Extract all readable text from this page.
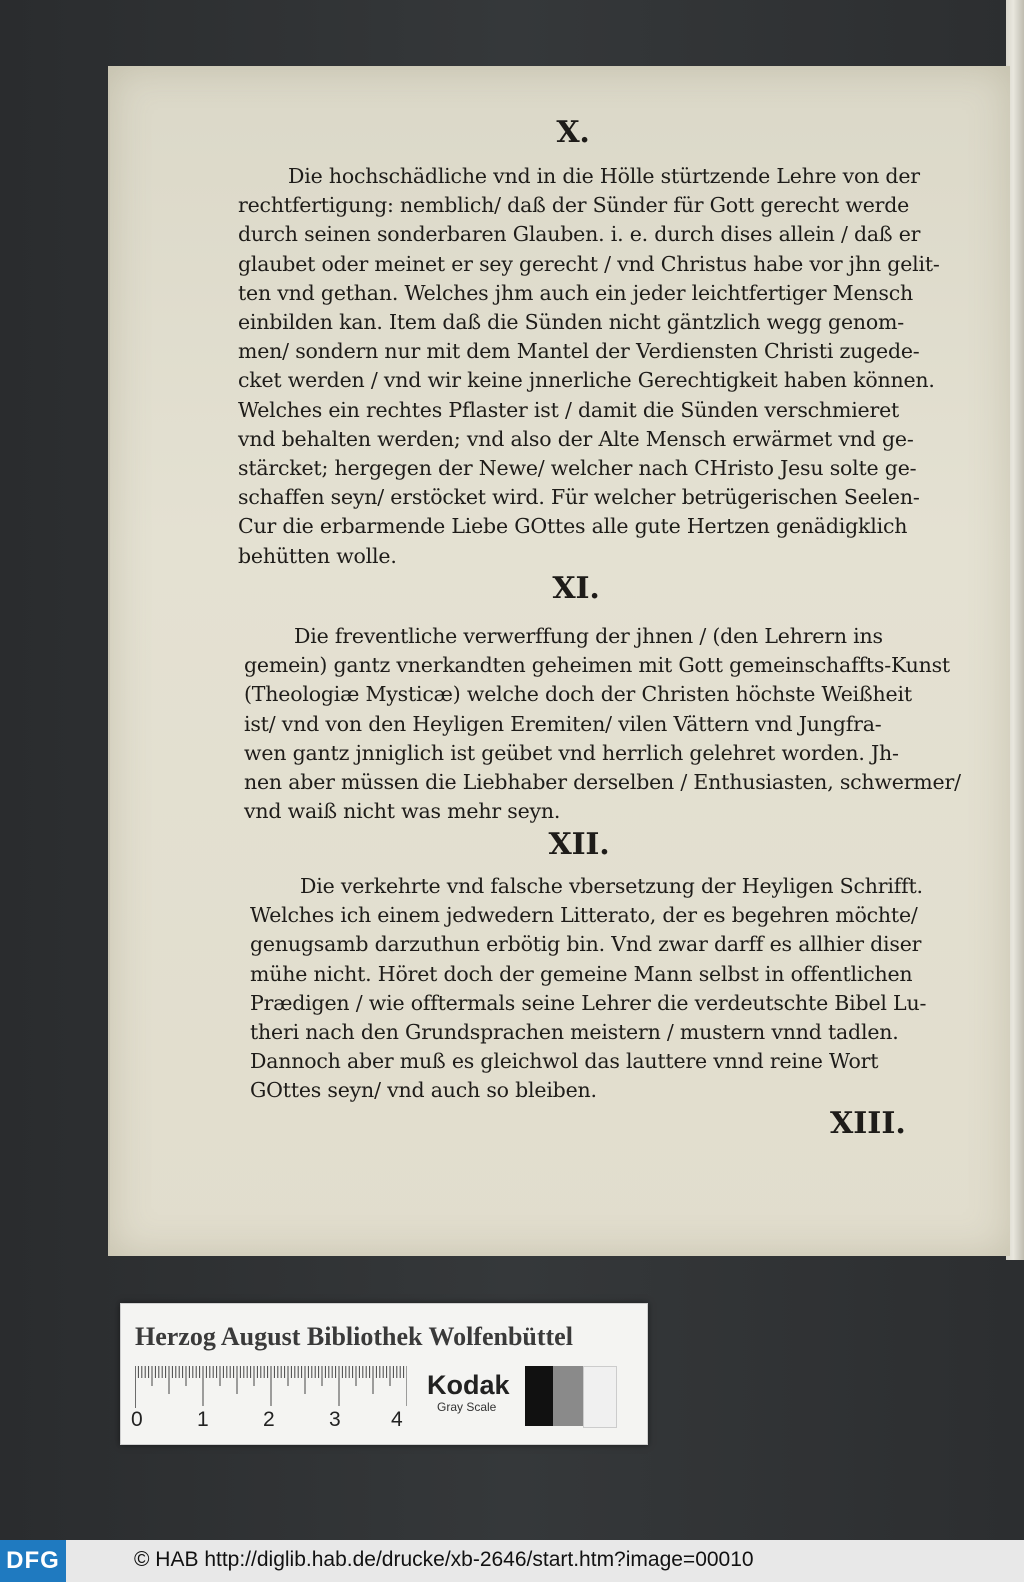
X.
Die hochschädliche vnd in die Hölle stürtzende Lehre von der
rechtfertigung: nemblich/ daß der Sünder für Gott gerecht werde
durch seinen sonderbaren Glauben. i. e. durch dises allein / daß er
glaubet oder meinet er sey gerecht / vnd Christus habe vor jhn gelit-
ten vnd gethan. Welches jhm auch ein jeder leichtfertiger Mensch
einbilden kan. Item daß die Sünden nicht gäntzlich wegg genom-
men/ sondern nur mit dem Mantel der Verdiensten Christi zugede-
cket werden / vnd wir keine jnnerliche Gerechtigkeit haben können.
Welches ein rechtes Pflaster ist / damit die Sünden verschmieret
vnd behalten werden; vnd also der Alte Mensch erwärmet vnd ge-
stärcket; hergegen der Newe/ welcher nach CHristo Jesu solte ge-
schaffen seyn/ erstöcket wird. Für welcher betrügerischen Seelen-
Cur die erbarmende Liebe GOttes alle gute Hertzen genädigklich
behütten wolle.
XI.
Die freventliche verwerffung der jhnen / (den Lehrern ins
gemein) gantz vnerkandten geheimen mit Gott gemeinschaffts-Kunst
(Theologiæ Mysticæ) welche doch der Christen höchste Weißheit
ist/ vnd von den Heyligen Eremiten/ vilen Vättern vnd Jungfra-
wen gantz jnniglich ist geübet vnd herrlich gelehret worden. Jh-
nen aber müssen die Liebhaber derselben / Enthusiasten, schwermer/
vnd waiß nicht was mehr seyn.
XII.
Die verkehrte vnd falsche vbersetzung der Heyligen Schrifft.
Welches ich einem jedwedern Litterato, der es begehren möchte/
genugsamb darzuthun erbötig bin. Vnd zwar darff es allhier diser
mühe nicht. Höret doch der gemeine Mann selbst in offentlichen
Prædigen / wie offtermals seine Lehrer die verdeutschte Bibel Lu-
theri nach den Grundsprachen meistern / mustern vnnd tadlen.
Dannoch aber muß es gleichwol das lauttere vnnd reine Wort
GOttes seyn/ vnd auch so bleiben.
XIII.
Herzog August Bibliothek Wolfenbüttel
0	1	2	3 4
Kodak
Gray Scale
DFG	© HAB http://diglib.hab.de/drucke/xb-2646/start.htm?image=00010
